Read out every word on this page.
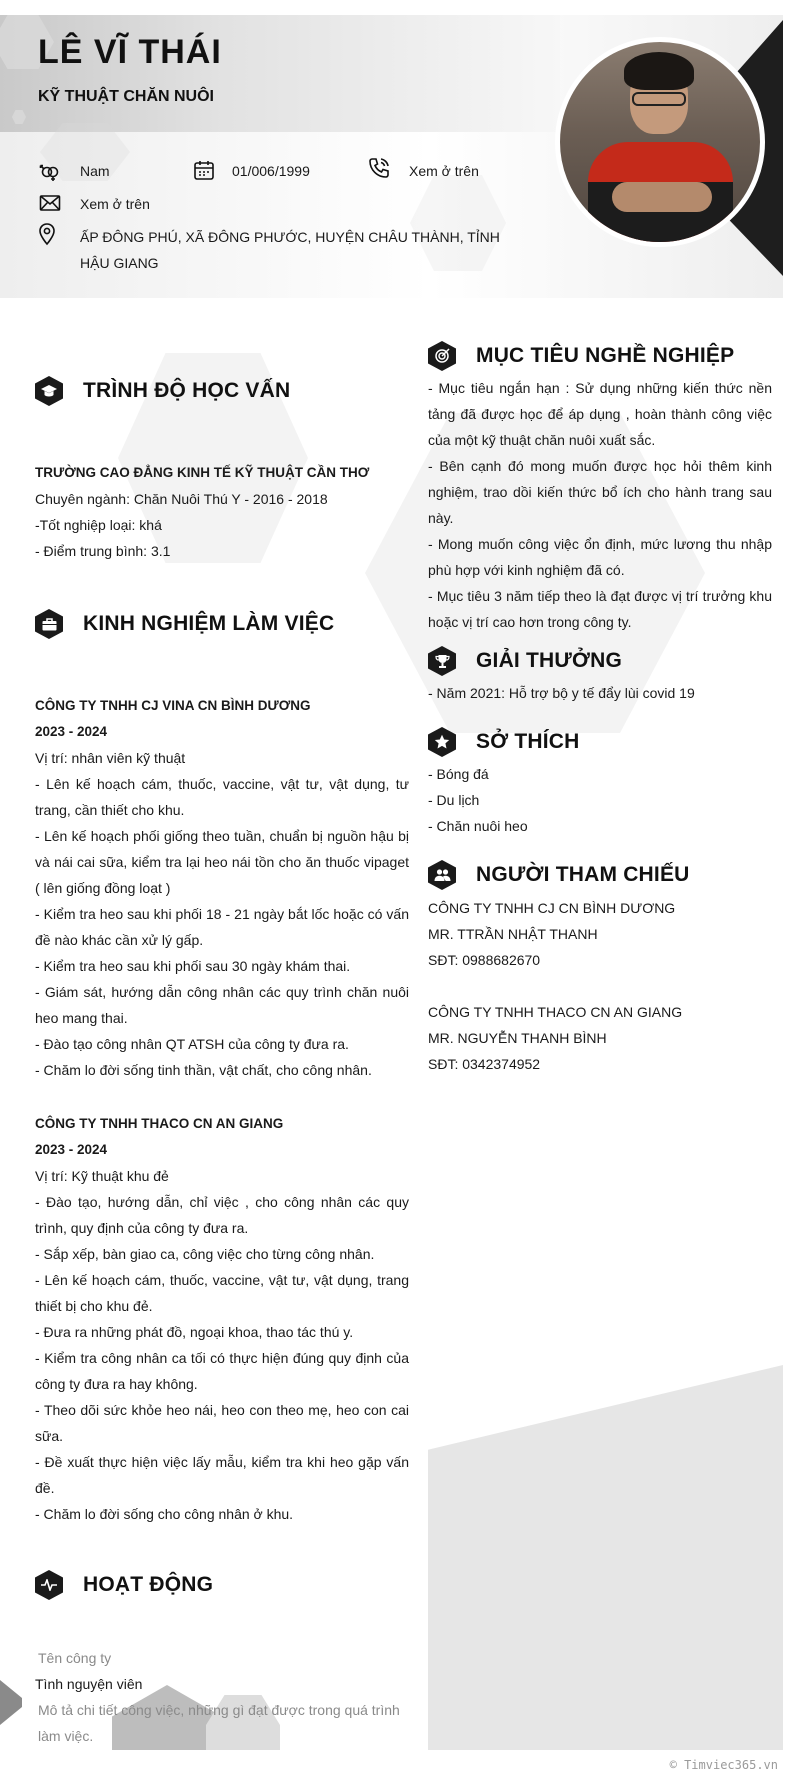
LÊ VĨ THÁI
KỸ THUẬT CHĂN NUÔI
Nam	01/006/1999	Xem ở trên
Xem ở trên
ẤP ĐÔNG PHÚ, XÃ ĐÔNG PHƯỚC, HUYỆN CHÂU THÀNH, TỈNH HẬU GIANG
TRÌNH ĐỘ HỌC VẤN

TRƯỜNG CAO ĐẲNG KINH TẾ KỸ THUẬT CẦN THƠ

Chuyên ngành: Chăn Nuôi Thú Y - 2016 - 2018

-Tốt nghiệp loại: khá

- Điểm trung bình: 3.1

KINH NGHIỆM LÀM VIỆC

CÔNG TY TNHH CJ VINA CN BÌNH DƯƠNG

2023 - 2024

Vị trí: nhân viên kỹ thuật

- Lên kế hoạch cám, thuốc, vaccine, vật tư, vật dụng, tư trang, cần thiết cho khu.

- Lên kế hoạch phối giống theo tuần, chuẩn bị nguồn hậu bị và nái cai sữa, kiểm tra lại heo nái tồn cho ăn thuốc vipaget ( lên giống đồng loạt )

- Kiểm tra heo sau khi phối 18 - 21 ngày bắt lốc hoặc có vấn đề nào khác cần xử lý gấp.

- Kiểm tra heo sau khi phối sau 30 ngày khám thai.

- Giám sát, hướng dẫn công nhân các quy trình chăn nuôi heo mang thai.

- Đào tạo công nhân QT ATSH của công ty đưa ra.

- Chăm lo đời sống tinh thần, vật chất, cho công nhân.

CÔNG TY TNHH THACO CN AN GIANG

2023 - 2024

Vị trí: Kỹ thuật khu đẻ

- Đào tạo, hướng dẫn, chỉ việc , cho công nhân các quy trình, quy định của công ty đưa ra.

- Sắp xếp, bàn giao ca, công việc cho từng công nhân.

- Lên kế hoạch cám, thuốc, vaccine, vật tư, vật dụng, trang thiết bị cho khu đẻ.

- Đưa ra những phát đồ, ngoại khoa, thao tác thú y.

- Kiểm tra công nhân ca tối có thực hiện đúng quy định của công ty đưa ra hay không.

- Theo dõi sức khỏe heo nái, heo con theo mẹ, heo con cai sữa.

- Đề xuất thực hiện việc lấy mẫu, kiểm tra khi heo gặp vấn đề.

- Chăm lo đời sống cho công nhân ở khu.

HOẠT ĐỘNG

Tên công ty

Tình nguyện viên

Mô tả chi tiết công việc, những gì đạt được trong quá trình làm việc.

MỤC TIÊU NGHỀ NGHIỆP

- Mục tiêu ngắn hạn : Sử dụng những kiến thức nền tảng đã được học để áp dụng , hoàn thành công việc của một kỹ thuật chăn nuôi xuất sắc.

- Bên cạnh đó mong muốn được học hỏi thêm kinh nghiệm, trao dồi kiến thức bổ ích cho hành trang sau này.

- Mong muốn công việc ổn định, mức lương thu nhập phù hợp với kinh nghiệm đã có.

- Mục tiêu 3 năm tiếp theo là đạt được vị trí trưởng khu hoặc vị trí cao hơn trong công ty.

GIẢI THƯỞNG

- Năm 2021: Hỗ trợ bộ y tế đẩy lùi covid 19

SỞ THÍCH

- Bóng đá

- Du lịch

- Chăn nuôi heo

NGƯỜI THAM CHIẾU

CÔNG TY TNHH CJ CN BÌNH DƯƠNG

MR. TTRẦN NHẬT THANH

SĐT: 0988682670

CÔNG TY TNHH THACO CN AN GIANG

MR. NGUYỄN THANH BÌNH

SĐT: 0342374952

© Timviec365.vn
